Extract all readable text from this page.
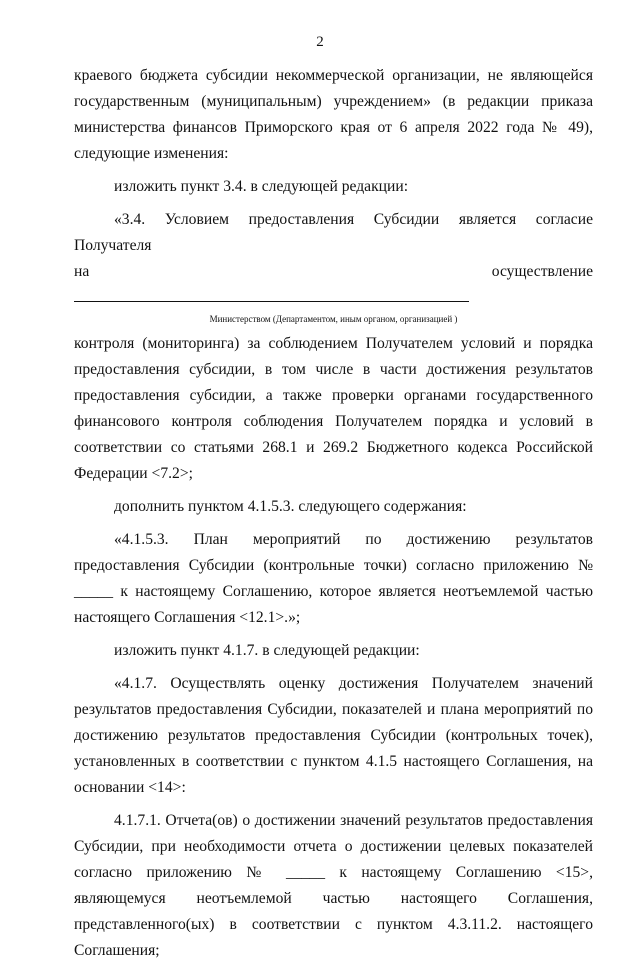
2

краевого бюджета субсидии некоммерческой организации, не являющейся государственным (муниципальным) учреждением» (в редакции приказа министерства финансов Приморского края от 6 апреля 2022 года № 49), следующие изменения:

изложить пункт 3.4. в следующей редакции:

«3.4. Условием предоставления Субсидии является согласие Получателя

на осуществление

Министерством (Департаментом, иным органом, организацией )

контроля (мониторинга) за соблюдением Получателем условий и порядка предоставления субсидии, в том числе в части достижения результатов предоставления субсидии, а также проверки органами государственного финансового контроля соблюдения Получателем порядка и условий в соответствии со статьями 268.1 и 269.2 Бюджетного кодекса Российской Федерации <7.2>;

дополнить пунктом 4.1.5.3. следующего содержания:

«4.1.5.3. План мероприятий по достижению результатов предоставления Субсидии (контрольные точки) согласно приложению № _____ к настоящему Соглашению, которое является неотъемлемой частью настоящего Соглашения <12.1>.»;

изложить пункт 4.1.7. в следующей редакции:

«4.1.7. Осуществлять оценку достижения Получателем значений результатов предоставления Субсидии, показателей и плана мероприятий по достижению результатов предоставления Субсидии (контрольных точек), установленных в соответствии с пунктом 4.1.5 настоящего Соглашения, на основании <14>:

4.1.7.1. Отчета(ов) о достижении значений результатов предоставления Субсидии, при необходимости отчета о достижении целевых показателей согласно приложению № _____ к настоящему Соглашению <15>, являющемуся неотъемлемой частью настоящего Соглашения, представленного(ых) в соответствии с пунктом 4.3.11.2. настоящего Соглашения;
